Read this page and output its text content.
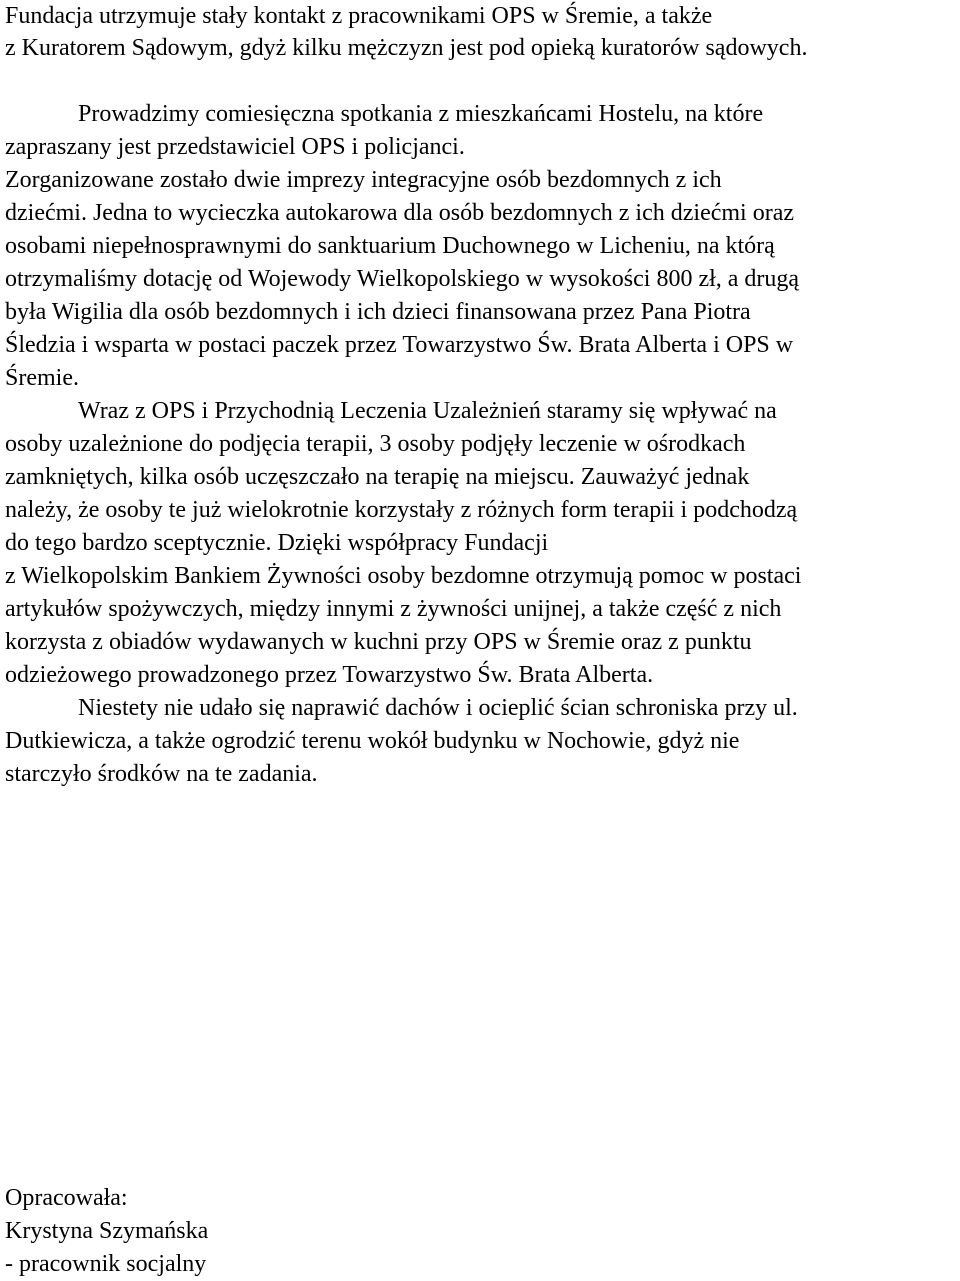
Fundacja utrzymuje stały kontakt z pracownikami OPS w Śremie, a także
z Kuratorem Sądowym, gdyż kilku mężczyzn jest pod opieką kuratorów sądowych.
Prowadzimy comiesięczna spotkania z mieszkańcami Hostelu, na które
zapraszany jest przedstawiciel OPS i policjanci.
Zorganizowane zostało dwie imprezy integracyjne osób bezdomnych z ich
dziećmi. Jedna to wycieczka autokarowa dla osób bezdomnych z ich dziećmi oraz
osobami niepełnosprawnymi do sanktuarium Duchownego w Licheniu, na którą
otrzymaliśmy dotację od Wojewody Wielkopolskiego w wysokości 800 zł, a drugą
była Wigilia dla osób bezdomnych i ich dzieci finansowana przez Pana Piotra
Śledzia i wsparta w postaci paczek przez Towarzystwo Św. Brata Alberta i OPS w
Śremie.
Wraz z OPS i Przychodnią Leczenia Uzależnień staramy się wpływać na
osoby uzależnione do podjęcia terapii, 3 osoby podjęły leczenie w ośrodkach
zamkniętych, kilka osób uczęszczało na terapię na miejscu. Zauważyć jednak
należy, że osoby te już wielokrotnie korzystały z różnych form terapii i podchodzą
do tego bardzo sceptycznie. Dzięki współpracy Fundacji
z Wielkopolskim Bankiem Żywności osoby bezdomne otrzymują pomoc w postaci
artykułów spożywczych, między innymi z żywności unijnej, a także część z nich
korzysta z obiadów wydawanych w kuchni przy OPS w Śremie oraz z punktu
odzieżowego prowadzonego przez Towarzystwo Św. Brata Alberta.
Niestety nie udało się naprawić dachów i ocieplić ścian schroniska przy ul.
Dutkiewicza, a także ogrodzić terenu wokół budynku w Nochowie, gdyż nie
starczyło środków na te zadania.
Opracowała:
Krystyna Szymańska
- pracownik socjalny
